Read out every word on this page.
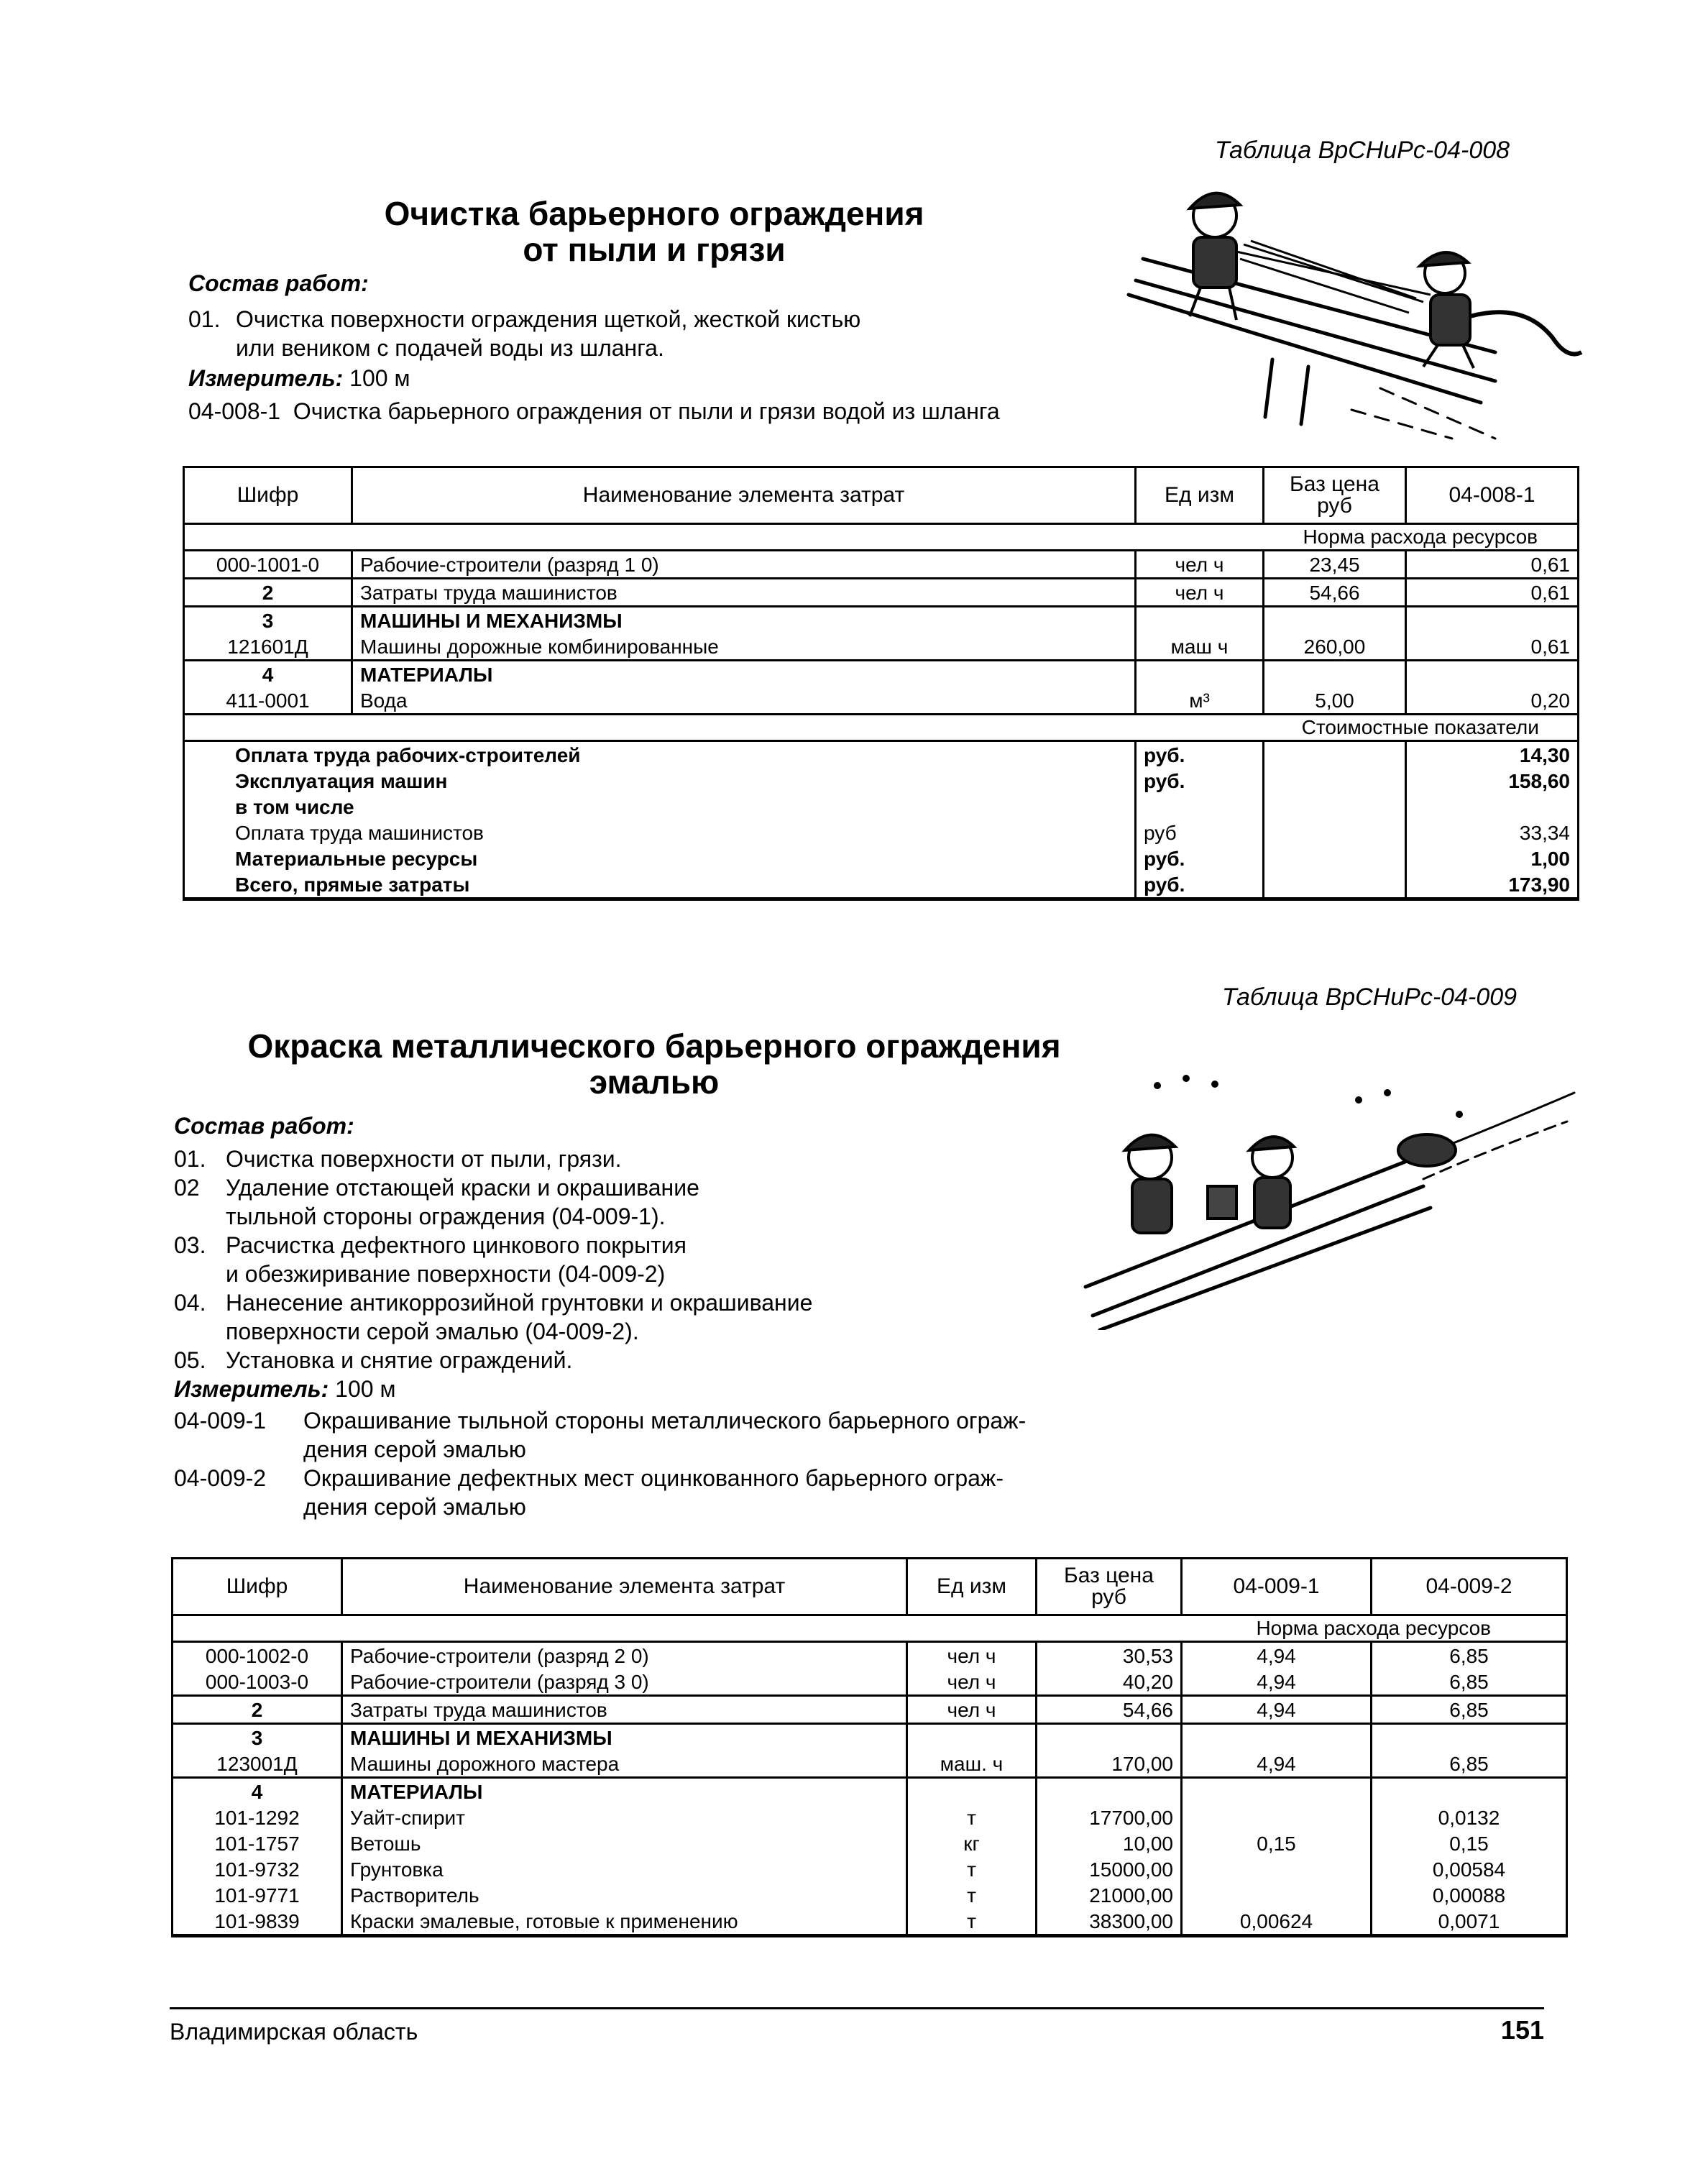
Таблица ВрСНиРс-04-008
Очистка барьерного ограждения
от пыли и грязи
Состав работ:
01. Очистка поверхности ограждения щеткой, жесткой кистью
или веником с подачей воды из шланга.
Измеритель: 100 м
04-008-1 Очистка барьерного ограждения от пыли и грязи водой из шланга
Шифр	Наименование элемента затрат	Ед изм	Баз цена руб	04-008-1
			Норма расхода ресурсов	
000-1001-0	Рабочие-строители (разряд 1 0)	чел ч	23,45	0,61
2	Затраты труда машинистов	чел ч	54,66	0,61
3	МАШИНЫ И МЕХАНИЗМЫ			
121601Д	Машины дорожные комбинированные	маш ч	260,00	0,61
4	МАТЕРИАЛЫ			
411-0001	Вода	м³	5,00	0,20
			Стоимостные показатели	
Оплата труда рабочих-строителей		руб.		14,30
Эксплуатация машин		руб.		158,60
в том числе				
Оплата труда машинистов		руб		33,34
Материальные ресурсы		руб.		1,00
Всего, прямые затраты		руб.		173,90
Таблица ВрСНиРс-04-009
Окраска металлического барьерного ограждения
эмалью
Состав работ:
01. Очистка поверхности от пыли, грязи.
02 Удаление отстающей краски и окрашивание
тыльной стороны ограждения (04-009-1).
03. Расчистка дефектного цинкового покрытия
и обезжиривание поверхности (04-009-2)
04. Нанесение антикоррозийной грунтовки и окрашивание
поверхности серой эмалью (04-009-2).
05. Установка и снятие ограждений.
Измеритель: 100 м
04-009-1 Окрашивание тыльной стороны металлического барьерного ограж-
дения серой эмалью
04-009-2 Окрашивание дефектных мест оцинкованного барьерного ограж-
дения серой эмалью
Шифр	Наименование элемента затрат	Ед изм	Баз цена руб	04-009-1	04-009-2
				Норма расхода ресурсов	
000-1002-0	Рабочие-строители (разряд 2 0)	чел ч	30,53	4,94	6,85
000-1003-0	Рабочие-строители (разряд 3 0)	чел ч	40,20	4,94	6,85
2	Затраты труда машинистов	чел ч	54,66	4,94	6,85
3	МАШИНЫ И МЕХАНИЗМЫ				
123001Д	Машины дорожного мастера	маш. ч	170,00	4,94	6,85
4	МАТЕРИАЛЫ				
101-1292	Уайт-спирит	т	17700,00		0,0132
101-1757	Ветошь	кг	10,00	0,15	0,15
101-9732	Грунтовка	т	15000,00		0,00584
101-9771	Растворитель	т	21000,00		0,00088
101-9839	Краски эмалевые, готовые к применению	т	38300,00	0,00624	0,0071
Владимирская область	151
